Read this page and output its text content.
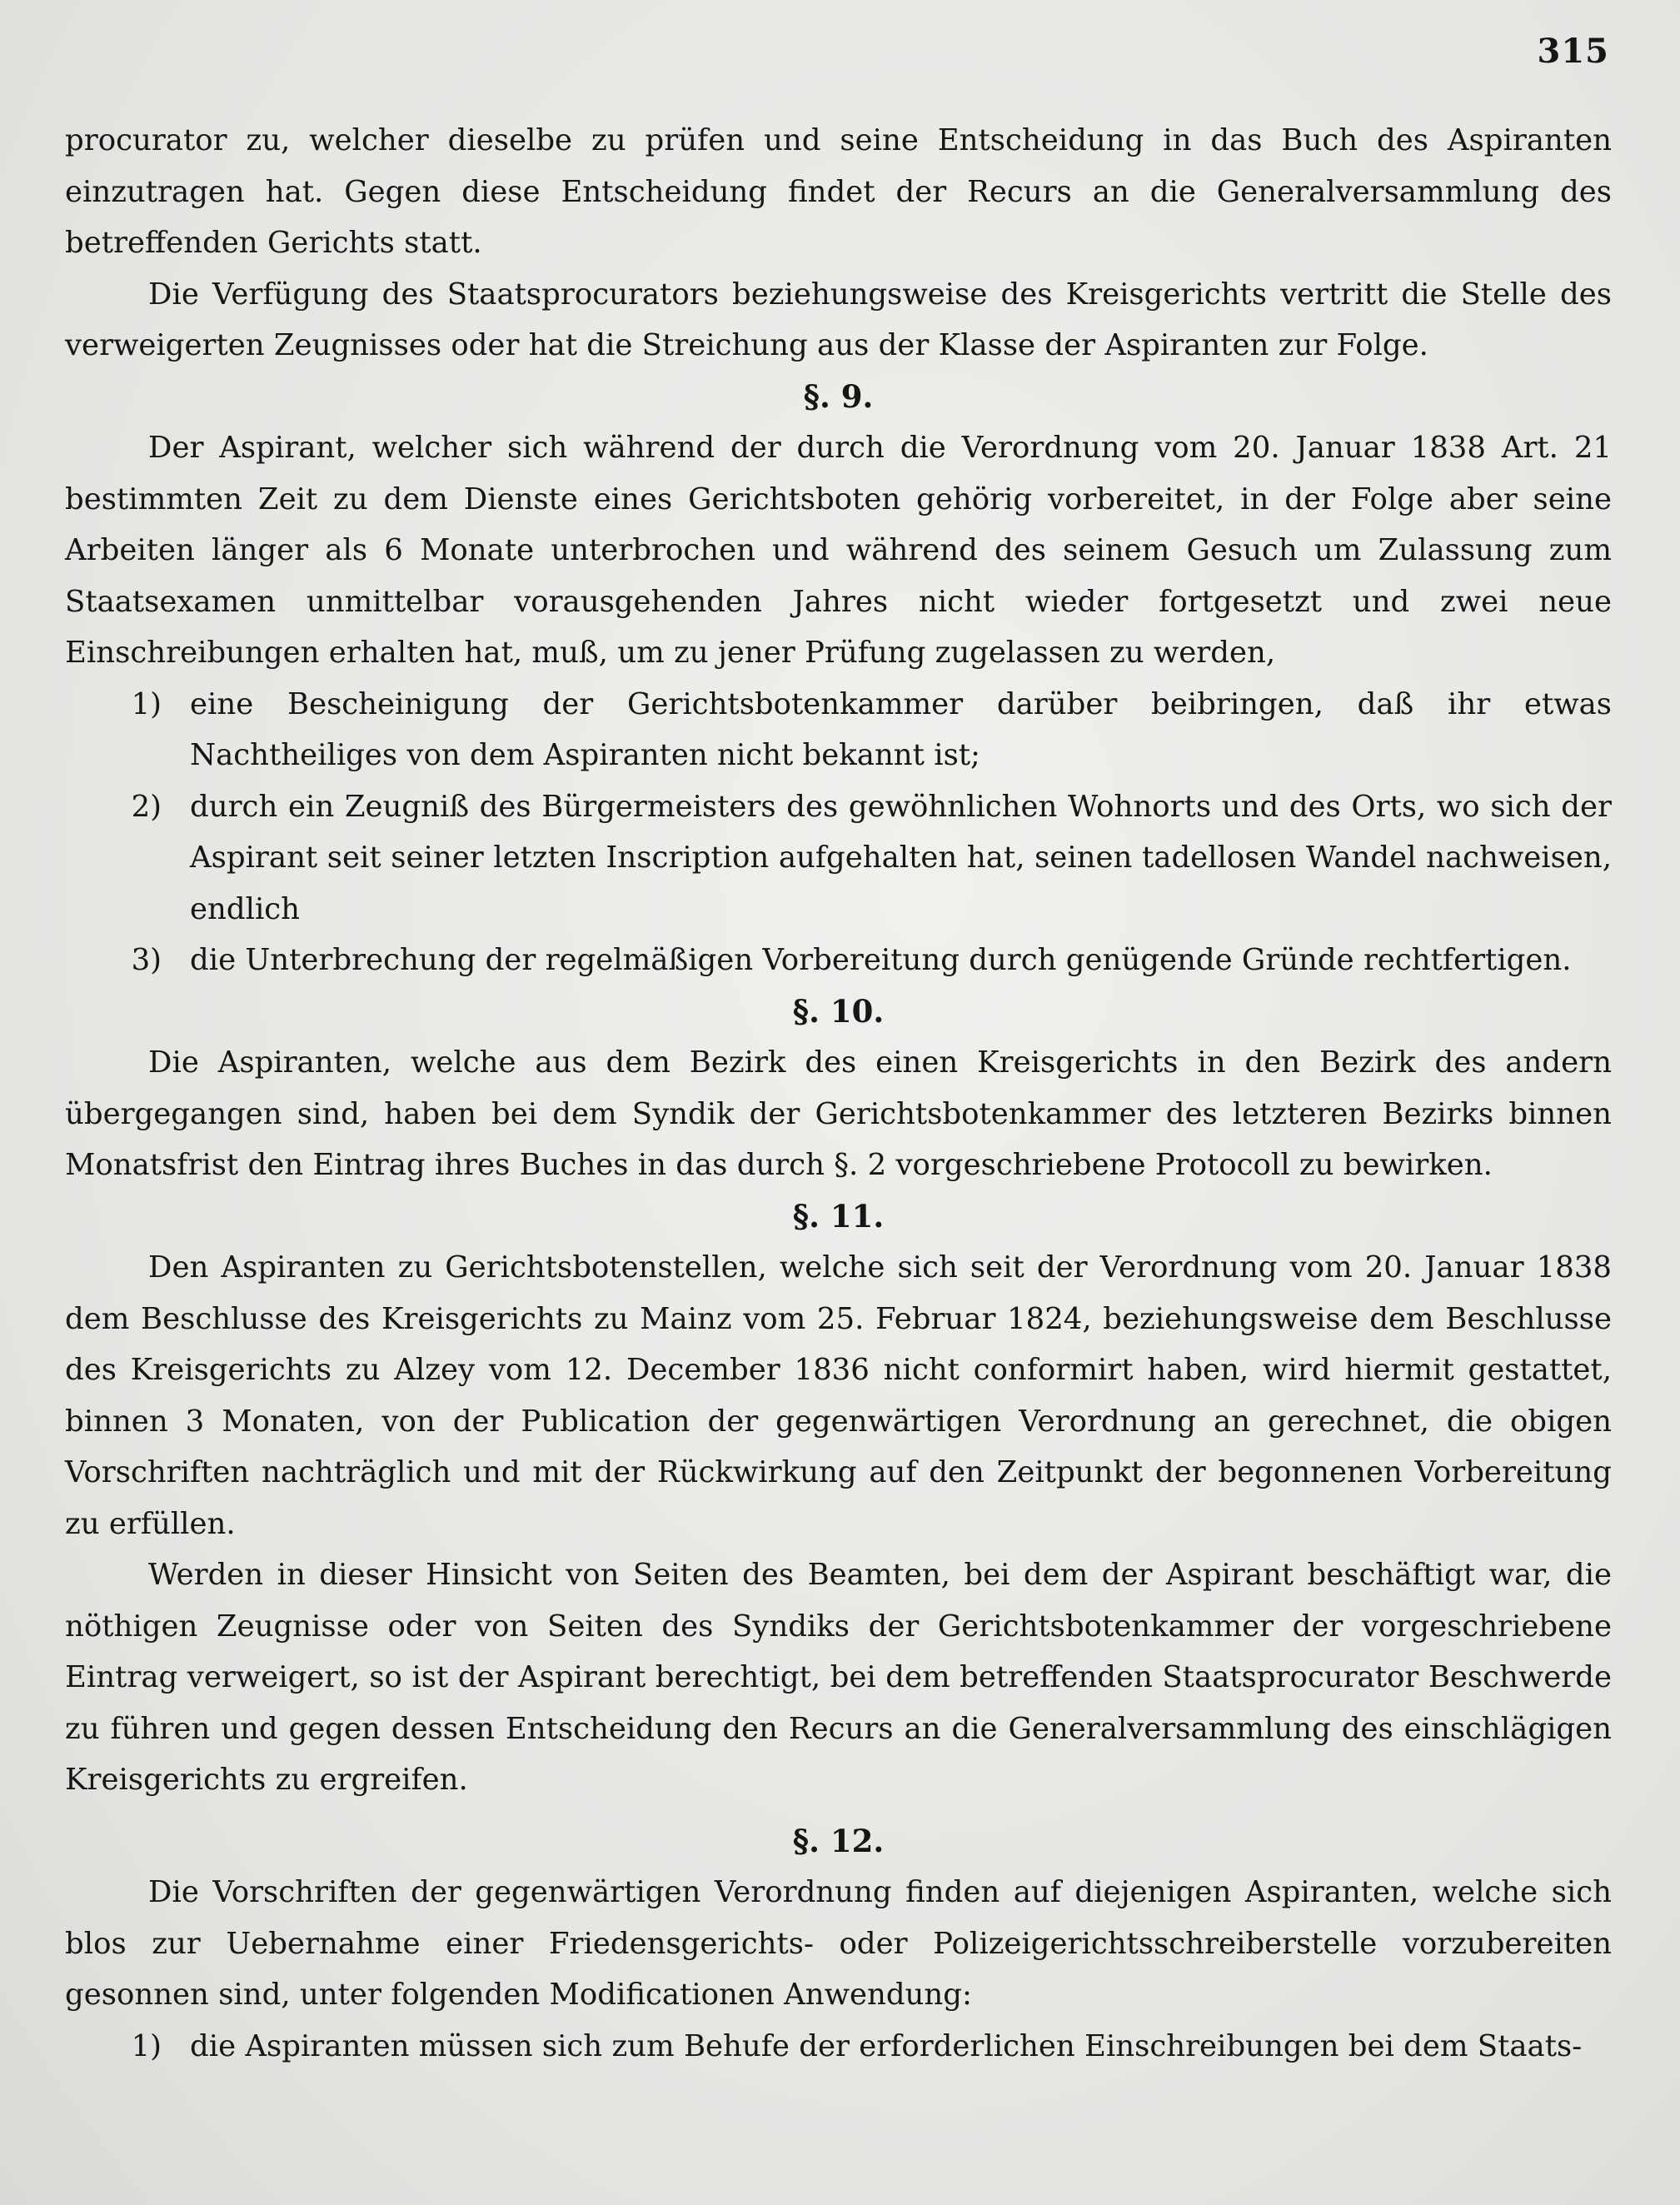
315

procurator zu, welcher dieselbe zu prüfen und seine Entscheidung in das Buch des Aspiranten einzutragen hat. Gegen diese Entscheidung findet der Recurs an die Generalversammlung des betreffenden Gerichts statt.

Die Verfügung des Staatsprocurators beziehungsweise des Kreisgerichts vertritt die Stelle des verweigerten Zeugnisses oder hat die Streichung aus der Klasse der Aspiranten zur Folge.

§. 9.

Der Aspirant, welcher sich während der durch die Verordnung vom 20. Januar 1838 Art. 21 bestimmten Zeit zu dem Dienste eines Gerichtsboten gehörig vorbereitet, in der Folge aber seine Arbeiten länger als 6 Monate unterbrochen und während des seinem Gesuch um Zulassung zum Staatsexamen unmittelbar vorausgehenden Jahres nicht wieder fortgesetzt und zwei neue Einschreibungen erhalten hat, muß, um zu jener Prüfung zugelassen zu werden,

1) eine Bescheinigung der Gerichtsbotenkammer darüber beibringen, daß ihr etwas Nachtheiliges von dem Aspiranten nicht bekannt ist;
2) durch ein Zeugniß des Bürgermeisters des gewöhnlichen Wohnorts und des Orts, wo sich der Aspirant seit seiner letzten Inscription aufgehalten hat, seinen tadellosen Wandel nachweisen, endlich
3) die Unterbrechung der regelmäßigen Vorbereitung durch genügende Gründe rechtfertigen.
§. 10.

Die Aspiranten, welche aus dem Bezirk des einen Kreisgerichts in den Bezirk des andern übergegangen sind, haben bei dem Syndik der Gerichtsbotenkammer des letzteren Bezirks binnen Monatsfrist den Eintrag ihres Buches in das durch §. 2 vorgeschriebene Protocoll zu bewirken.

§. 11.

Den Aspiranten zu Gerichtsbotenstellen, welche sich seit der Verordnung vom 20. Januar 1838 dem Beschlusse des Kreisgerichts zu Mainz vom 25. Februar 1824, beziehungsweise dem Beschlusse des Kreisgerichts zu Alzey vom 12. December 1836 nicht conformirt haben, wird hiermit gestattet, binnen 3 Monaten, von der Publication der gegenwärtigen Verordnung an gerechnet, die obigen Vorschriften nachträglich und mit der Rückwirkung auf den Zeitpunkt der begonnenen Vorbereitung zu erfüllen.

Werden in dieser Hinsicht von Seiten des Beamten, bei dem der Aspirant beschäftigt war, die nöthigen Zeugnisse oder von Seiten des Syndiks der Gerichtsbotenkammer der vorgeschriebene Eintrag verweigert, so ist der Aspirant berechtigt, bei dem betreffenden Staatsprocurator Beschwerde zu führen und gegen dessen Entscheidung den Recurs an die Generalversammlung des einschlägigen Kreisgerichts zu ergreifen.

§. 12.

Die Vorschriften der gegenwärtigen Verordnung finden auf diejenigen Aspiranten, welche sich blos zur Uebernahme einer Friedensgerichts- oder Polizeigerichtsschreiberstelle vorzubereiten gesonnen sind, unter folgenden Modificationen Anwendung:

1) die Aspiranten müssen sich zum Behufe der erforderlichen Einschreibungen bei dem Staats-
